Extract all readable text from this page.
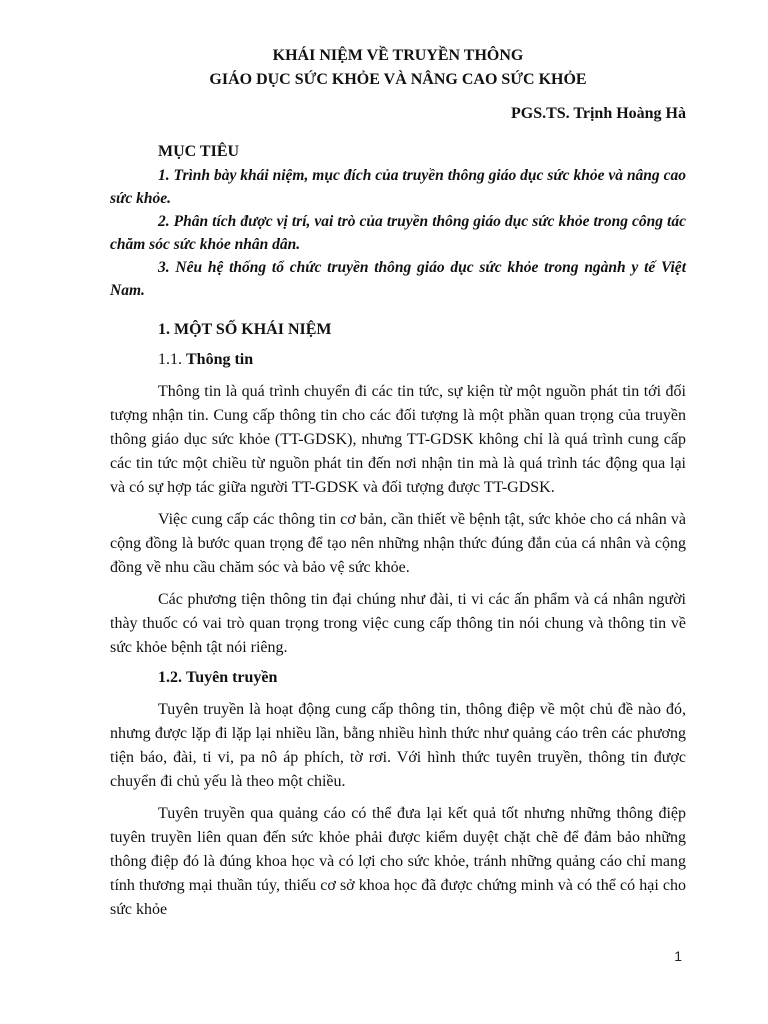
KHÁI NIỆM VỀ TRUYỀN THÔNG

GIÁO DỤC SỨC KHỎE VÀ NÂNG CAO SỨC KHỎE

PGS.TS. Trịnh Hoàng Hà

MỤC TIÊU

1. Trình bày khái niệm, mục đích của truyền thông giáo dục sức khỏe và nâng cao sức khỏe.

2. Phân tích được vị trí, vai trò của truyền thông giáo dục sức khỏe trong công tác chăm sóc sức khỏe nhân dân.

3. Nêu hệ thống tổ chức truyền thông giáo dục sức khỏe trong ngành y tế Việt Nam.

1. MỘT SỐ KHÁI NIỆM

1.1. Thông tin

Thông tin là quá trình chuyển đi các tin tức, sự kiện từ một nguồn phát tin tới đối tượng nhận tin. Cung cấp thông tin cho các đối tượng là một phần quan trọng của truyền thông giáo dục sức khỏe (TT-GDSK), nhưng TT-GDSK không chỉ là quá trình cung cấp các tin tức một chiều từ nguồn phát tin đến nơi nhận tin mà là quá trình tác động qua lại và có sự hợp tác giữa người TT-GDSK và đối tượng được TT-GDSK.

Việc cung cấp các thông tin cơ bản, cần thiết về bệnh tật, sức khỏe cho cá nhân và cộng đồng là bước quan trọng để tạo nên những nhận thức đúng đắn của cá nhân và cộng đồng về nhu cầu chăm sóc và bảo vệ sức khỏe.

Các phương tiện thông tin đại chúng như đài, ti vi các ấn phẩm và cá nhân người thày thuốc có vai trò quan trọng trong việc cung cấp thông tin nói chung và thông tin về sức khỏe bệnh tật nói riêng.

1.2. Tuyên truyền

Tuyên truyền là hoạt động cung cấp thông tin, thông điệp về một chủ đề nào đó, nhưng được lặp đi lặp lại nhiều lần, bằng nhiều hình thức như quảng cáo trên các phương tiện báo, đài, ti vi, pa nô áp phích, tờ rơi. Với hình thức tuyên truyền, thông tin được chuyển đi chủ yếu là theo một chiều.

Tuyên truyền qua quảng cáo có thể đưa lại kết quả tốt nhưng những thông điệp tuyên truyền liên quan đến sức khỏe phải được kiểm duyệt chặt chẽ để đảm bảo những thông điệp đó là đúng khoa học và có lợi cho sức khỏe, tránh những quảng cáo chỉ mang tính thương mại thuần túy, thiếu cơ sở khoa học đã được chứng minh và có thể có hại cho sức khỏe

1
